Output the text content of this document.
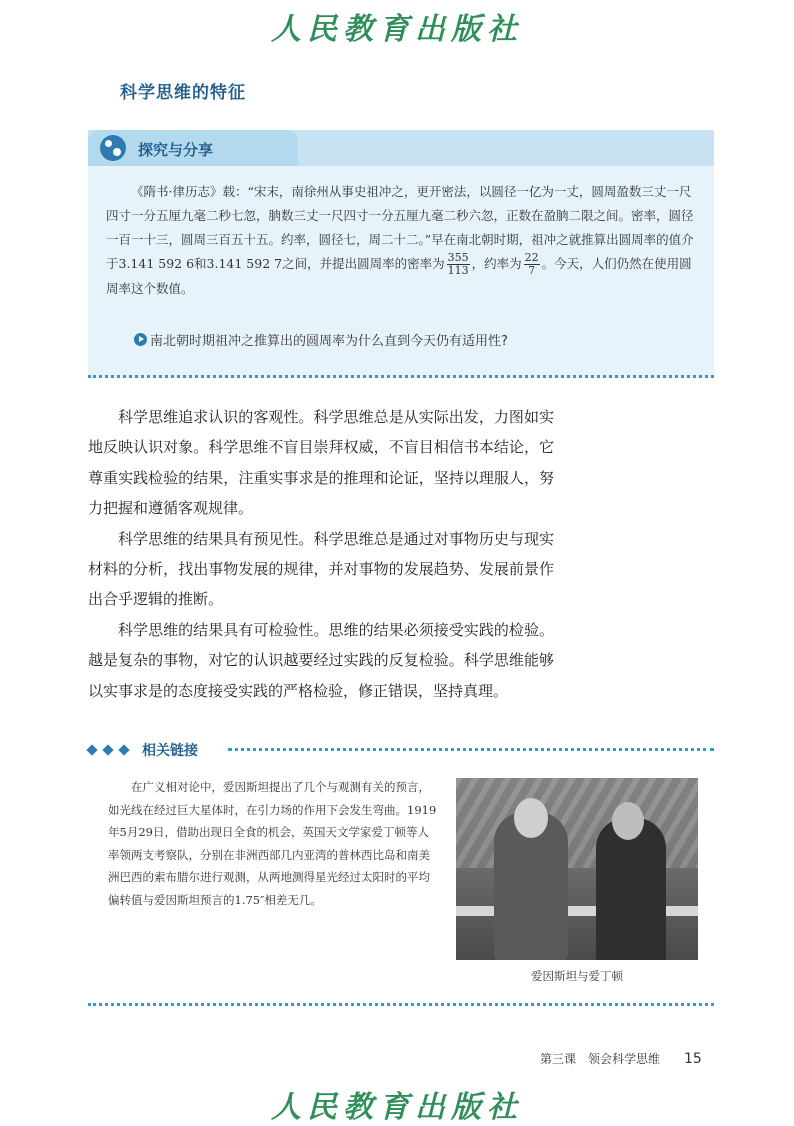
人民教育出版社
科学思维的特征
探究与分享
《隋书·律历志》载：“宋末，南徐州从事史祖冲之，更开密法，以圆径一亿为一丈，圆周盈数三丈一尺四寸一分五厘九毫二秒七忽，朒数三丈一尺四寸一分五厘九毫二秒六忽，正数在盈朒二限之间。密率，圆径一百一十三，圆周三百五十五。约率，圆径七，周二十二。”早在南北朝时期，祖冲之就推算出圆周率的值介于3.141 592 6和3.141 592 7之间，并提出圆周率的密率为 $\frac{355}{113}$ ，约率为 $\frac{22}{7}$ 。今天，人们仍然在使用圆周率这个数值。
南北朝时期祖冲之推算出的圆周率为什么直到今天仍有适用性?

科学思维追求认识的客观性。科学思维总是从实际出发，力图如实地反映认识对象。科学思维不盲目崇拜权威，不盲目相信书本结论，它尊重实践检验的结果，注重实事求是的推理和论证，坚持以理服人，努力把握和遵循客观规律。

科学思维的结果具有预见性。科学思维总是通过对事物历史与现实材料的分析，找出事物发展的规律，并对事物的发展趋势、发展前景作出合乎逻辑的推断。

科学思维的结果具有可检验性。思维的结果必须接受实践的检验。越是复杂的事物，对它的认识越要经过实践的反复检验。科学思维能够以实事求是的态度接受实践的严格检验，修正错误，坚持真理。

相关链接
在广义相对论中，爱因斯坦提出了几个与观测有关的预言，如光线在经过巨大星体时，在引力场的作用下会发生弯曲。1919年5月29日，借助出现日全食的机会，英国天文学家爱丁顿等人率领两支考察队，分别在非洲西部几内亚湾的普林西比岛和南美洲巴西的索布腊尔进行观测，从两地测得星光经过太阳时的平均偏转值与爱因斯坦预言的1.75″相差无几。
爱因斯坦与爱丁顿
第三课　领会科学思维 15
人民教育出版社
